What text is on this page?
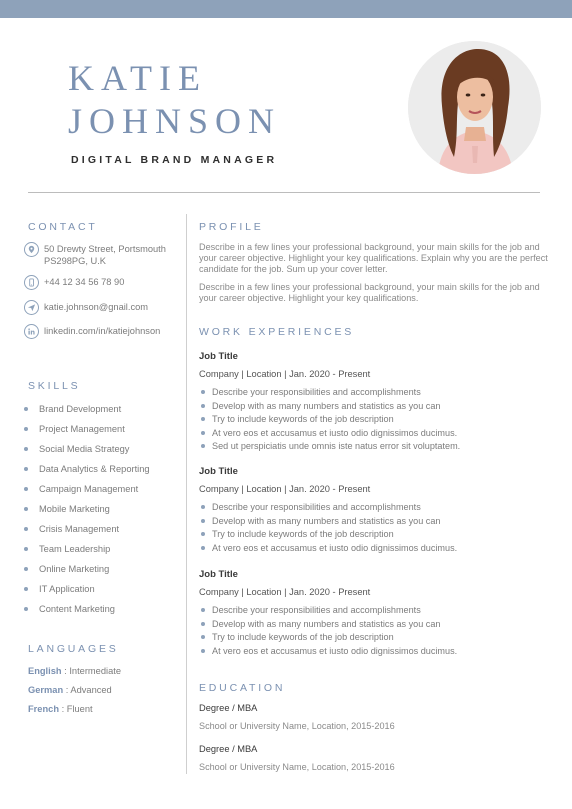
KATIE
JOHNSON
DIGITAL BRAND MANAGER
CONTACT
50 Drewty Street, Portsmouth
PS298PG, U.K
+44 12 34 56 78 90
katie.johnson@gnail.com
linkedin.com/in/katiejohnson
SKILLS
Brand Development
Project Management
Social Media Strategy
Data Analytics & Reporting
Campaign Management
Mobile Marketing
Crisis Management
Team Leadership
Online Marketing
IT Application
Content Marketing
LANGUAGES
English : Intermediate
German : Advanced
French : Fluent
PROFILE
Describe in a few lines your professional background, your main skills for the job and your career objective. Highlight your key qualifications. Explain why you are the perfect candidate for the job. Sum up your cover letter.
Describe in a few lines your professional background, your main skills for the job and your career objective. Highlight your key qualifications.
WORK EXPERIENCES
Job Title
Company | Location | Jan. 2020 - Present
Describe your responsibilities and accomplishments
Develop with as many numbers and statistics as you can
Try to include keywords of the job description
At vero eos et accusamus et iusto odio dignissimos ducimus.
Sed ut perspiciatis unde omnis iste natus error sit voluptatem.
Job Title
Company | Location | Jan. 2020 - Present
Describe your responsibilities and accomplishments
Develop with as many numbers and statistics as you can
Try to include keywords of the job description
At vero eos et accusamus et iusto odio dignissimos ducimus.
Job Title
Company | Location | Jan. 2020 - Present
Describe your responsibilities and accomplishments
Develop with as many numbers and statistics as you can
Try to include keywords of the job description
At vero eos et accusamus et iusto odio dignissimos ducimus.
EDUCATION
Degree / MBA
School or University Name, Location, 2015-2016
Degree / MBA
School or University Name, Location, 2015-2016
